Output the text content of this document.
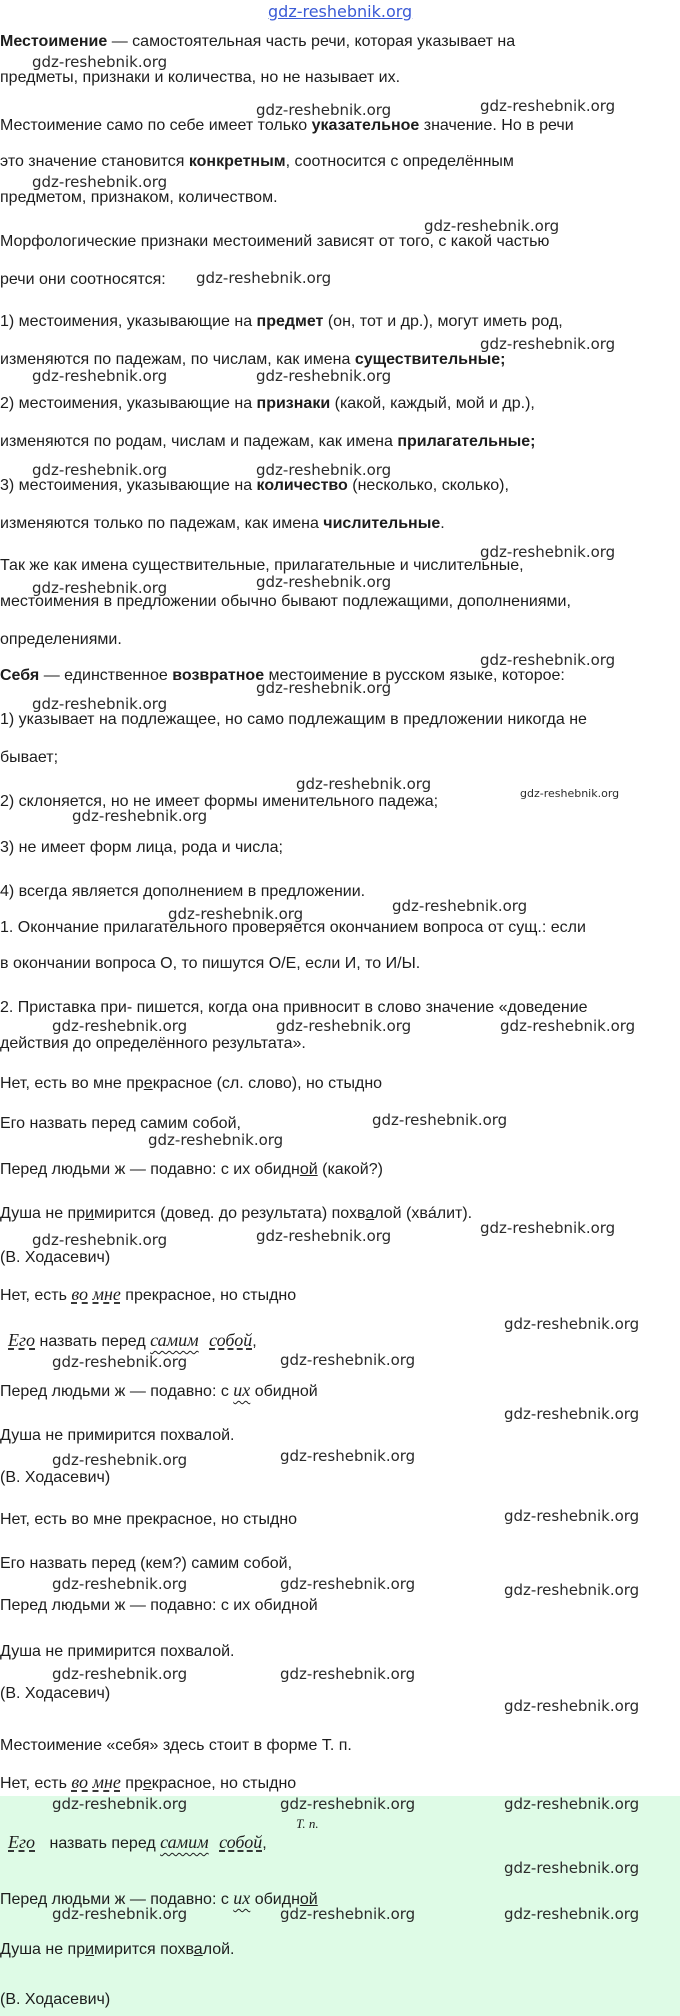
gdz-reshebnik.org
Местоимение — самостоятельная часть речи, которая указывает на
предметы, признаки и количества, но не называет их.
Местоимение само по себе имеет только указательное значение. Но в речи
это значение становится конкретным, соотносится с определённым
предметом, признаком, количеством.
Морфологические признаки местоимений зависят от того, с какой частью
речи они соотносятся:
1) местоимения, указывающие на предмет (он, тот и др.), могут иметь род,
изменяются по падежам, по числам, как имена существительные;
2) местоимения, указывающие на признаки (какой, каждый, мой и др.),
изменяются по родам, числам и падежам, как имена прилагательные;
3) местоимения, указывающие на количество (несколько, сколько),
изменяются только по падежам, как имена числительные.
Так же как имена существительные, прилагательные и числительные,
местоимения в предложении обычно бывают подлежащими, дополнениями,
определениями.
Себя — единственное возвратное местоимение в русском языке, которое:
1) указывает на подлежащее, но само подлежащим в предложении никогда не
бывает;
2) склоняется, но не имеет формы именительного падежа;
3) не имеет форм лица, рода и числа;
4) всегда является дополнением в предложении.
1. Окончание прилагательного проверяется окончанием вопроса от сущ.: если
в окончании вопроса О, то пишутся О/Е, если И, то И/Ы.
2. Приставка при- пишется, когда она привносит в слово значение «доведение
действия до определённого результата».
Нет, есть во мне прекрасное (сл. слово), но стыдно
Его назвать перед самим собой,
Перед людьми ж — подавно: с их обидной (какой?)
Душа не примирится (довед. до результата) похвалой (хвáлит).
(В. Ходасевич)
Нет, есть во мне прекрасное, но стыдно
Его назвать перед самим собой,
Перед людьми ж — подавно: с их обидной
Душа не примирится похвалой.
(В. Ходасевич)
Нет, есть во мне прекрасное, но стыдно
Его назвать перед (кем?) самим собой,
Перед людьми ж — подавно: с их обидной
Душа не примирится похвалой.
(В. Ходасевич)
Местоимение «себя» здесь стоит в форме Т. п.
Нет, есть во мне прекрасное, но стыдно
Т. п.
Его назвать перед самим собой,
Перед людьми ж — подавно: с их обидной
Душа не примирится похвалой.
(В. Ходасевич)
gdz-reshebnik.org
gdz-reshebnik.org	gdz-reshebnik.org
gdz-reshebnik.org
gdz-reshebnik.org
gdz-reshebnik.org
gdz-reshebnik.org
gdz-reshebnik.org	gdz-reshebnik.org
gdz-reshebnik.org	gdz-reshebnik.org
gdz-reshebnik.org
gdz-reshebnik.org	gdz-reshebnik.org
gdz-reshebnik.org
gdz-reshebnik.org
gdz-reshebnik.org
gdz-reshebnik.org
gdz-reshebnik.org
gdz-reshebnik.org
gdz-reshebnik.org
gdz-reshebnik.org
gdz-reshebnik.org	gdz-reshebnik.org	gdz-reshebnik.org
gdz-reshebnik.org
gdz-reshebnik.org
gdz-reshebnik.org	gdz-reshebnik.org	gdz-reshebnik.org
gdz-reshebnik.org
gdz-reshebnik.org	gdz-reshebnik.org
gdz-reshebnik.org
gdz-reshebnik.org	gdz-reshebnik.org
gdz-reshebnik.org
gdz-reshebnik.org	gdz-reshebnik.org	gdz-reshebnik.org
gdz-reshebnik.org	gdz-reshebnik.org
gdz-reshebnik.org
gdz-reshebnik.org	gdz-reshebnik.org	gdz-reshebnik.org
gdz-reshebnik.org
gdz-reshebnik.org	gdz-reshebnik.org	gdz-reshebnik.org
